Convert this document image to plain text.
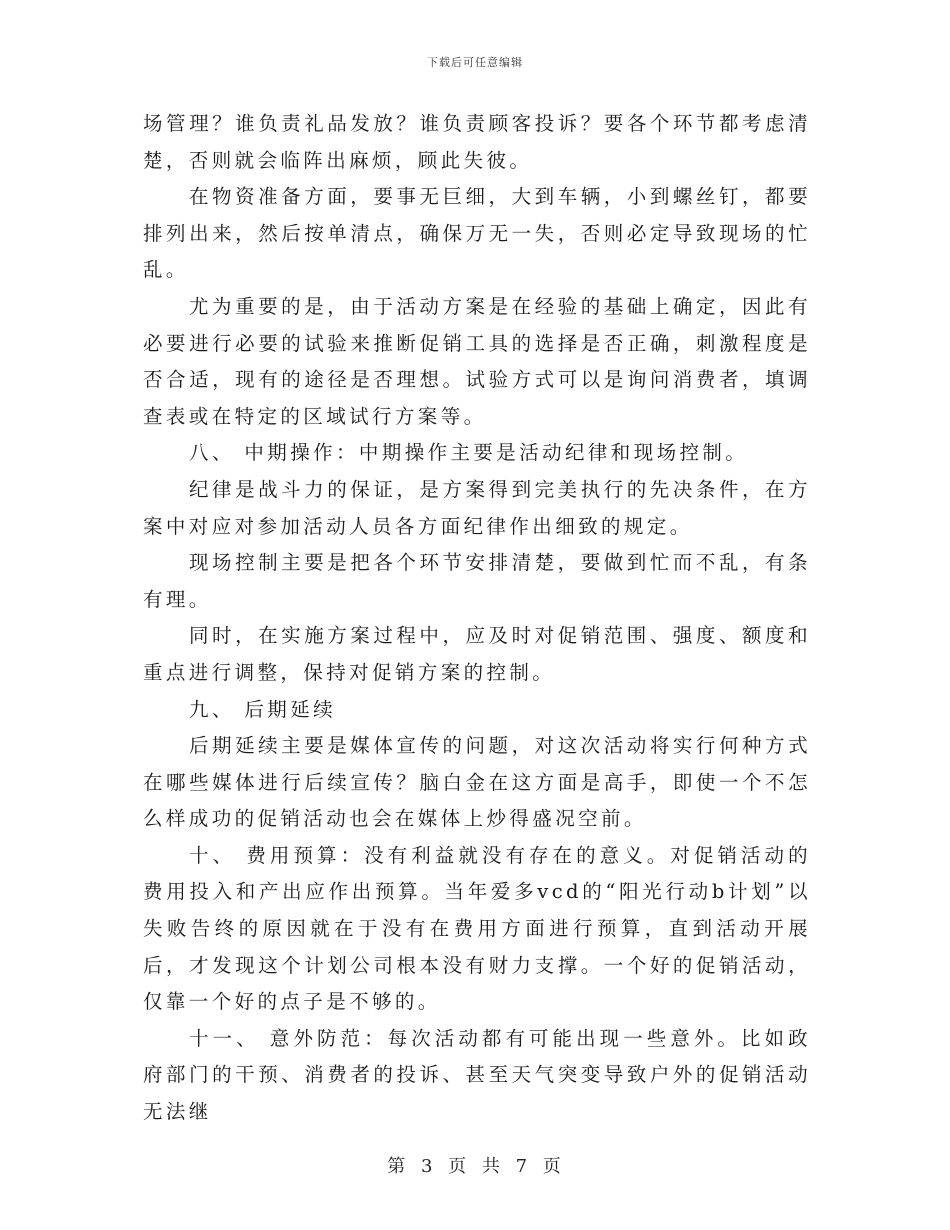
下载后可任意编辑

场管理？谁负责礼品发放？谁负责顾客投诉？要各个环节都考虑清楚，否则就会临阵出麻烦，顾此失彼。

在物资准备方面，要事无巨细，大到车辆，小到螺丝钉，都要排列出来，然后按单清点，确保万无一失，否则必定导致现场的忙乱。

尤为重要的是，由于活动方案是在经验的基础上确定，因此有必要进行必要的试验来推断促销工具的选择是否正确，刺激程度是否合适，现有的途径是否理想。试验方式可以是询问消费者，填调查表或在特定的区域试行方案等。

八、 中期操作：中期操作主要是活动纪律和现场控制。

纪律是战斗力的保证，是方案得到完美执行的先决条件，在方案中对应对参加活动人员各方面纪律作出细致的规定。

现场控制主要是把各个环节安排清楚，要做到忙而不乱，有条有理。

同时，在实施方案过程中，应及时对促销范围、强度、额度和重点进行调整，保持对促销方案的控制。

九、 后期延续

后期延续主要是媒体宣传的问题，对这次活动将实行何种方式在哪些媒体进行后续宣传？脑白金在这方面是高手，即使一个不怎么样成功的促销活动也会在媒体上炒得盛况空前。

十、 费用预算：没有利益就没有存在的意义。对促销活动的费用投入和产出应作出预算。当年爱多vcd的“阳光行动b计划”以失败告终的原因就在于没有在费用方面进行预算，直到活动开展后，才发现这个计划公司根本没有财力支撑。一个好的促销活动，仅靠一个好的点子是不够的。

十一、 意外防范：每次活动都有可能出现一些意外。比如政府部门的干预、消费者的投诉、甚至天气突变导致户外的促销活动无法继

第 3 页 共 7 页
